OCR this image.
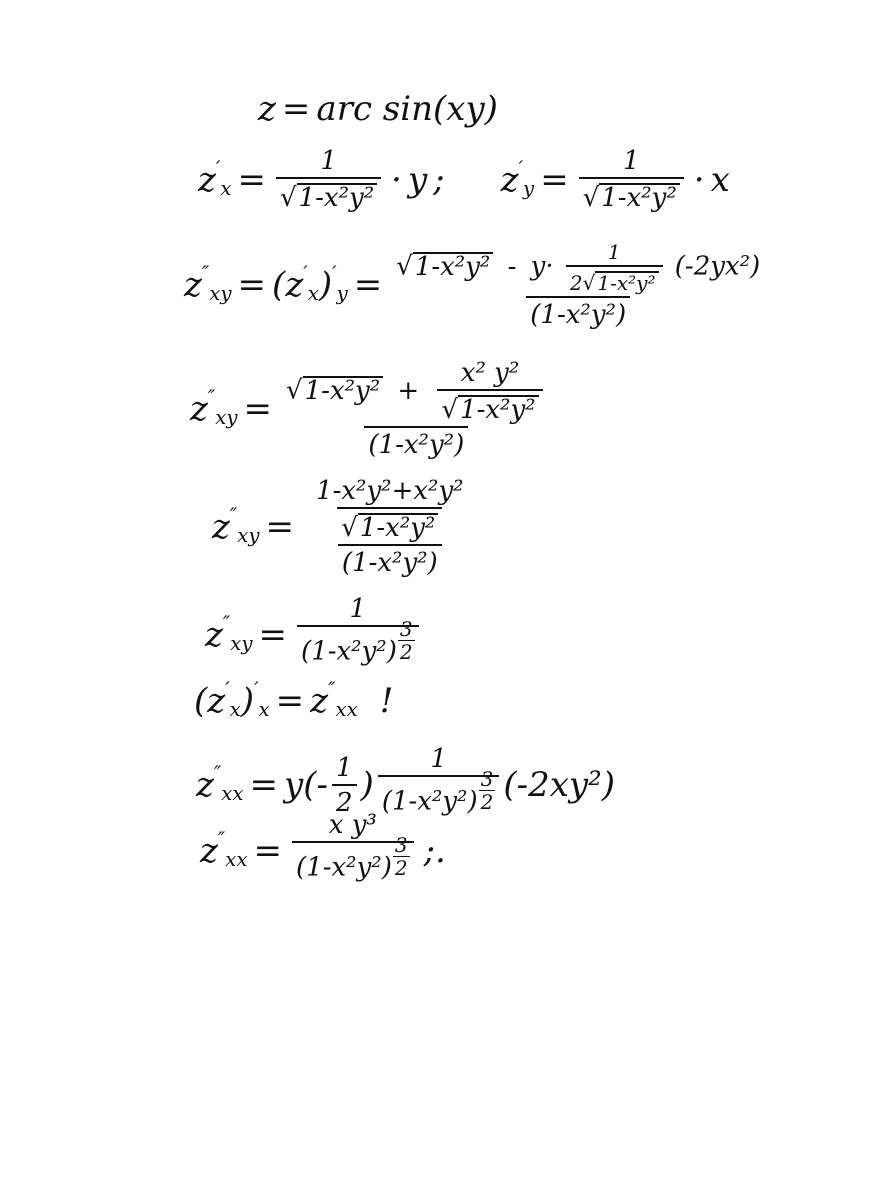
z = arc sin(xy)
z ′
$x = \frac{1}{\text{√1-x²y²}} \cdot y$ ; z ′
$y = \frac{1}{\text{√1-x²y²}} \cdot x$
z ″
xy = ( z ′
x ) ′
$y = √1-x^2y^2 - y\cdot \frac{1}{\text{2√ 1-x²y²}} (-2yx^2)$
(1-x²y²)
z ″
xy = $\frac{√1-x^2y^2 + \frac{\text{x² y²}}{\text{√1-x²y²}}}{\text{(1-x²y²)}}$
z ″
xy = $\frac{\frac{\text{1-x²y²+x²y²}}{\text{√1-x²y²}}}{\text{(1-x²y²)}}$
z ″
xy = $\frac{1}{(1-x^2y^2) \frac{3}{2}}$
(z ′
x ) ′
x = z ″
xx !
z ″
xx = $y(- \frac{1}{2}$ ) $\frac{1}{(1-x^2y^2) \frac{3}{2}} (-2xy^2)$
z ″
xx = $\frac{\text{x y³}}{(1-x^2y^2) \frac{3}{2}}$ ;.
